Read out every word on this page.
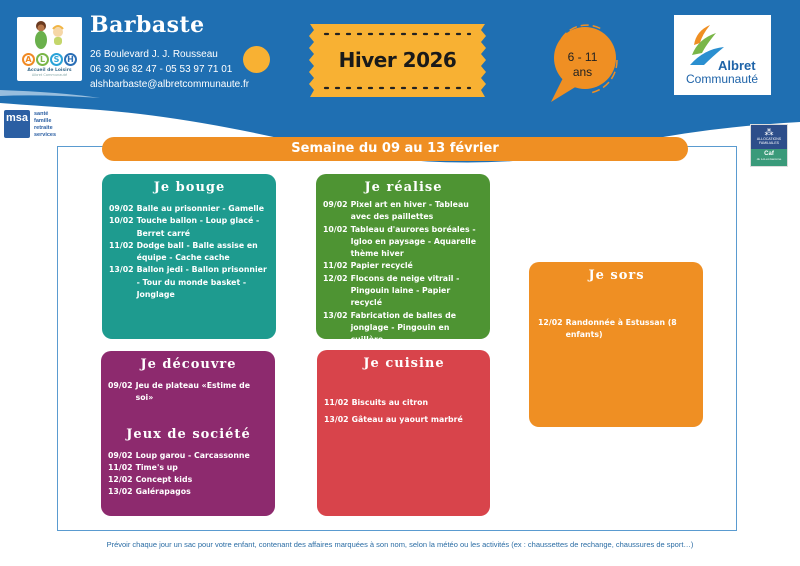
A	L	S H
Accueil de Loisirs
Albret Communauté
Barbaste
26 Boulevard J. J. Rousseau
06 30 96 82 47 - 05 53 97 71 01
alshbarbaste@albretcommunaute.fr
Hiver 2026	6 - 11
ans	Albret
Communauté
msa	santé
famille
retraite
services	⁂
ALLOCATIONS FAMILIALES
Caf
du Lot-et-Garonne
Semaine du 09 au 13 février
Je bouge
09/02 Balle au prisonnier - Gamelle
10/02 Touche ballon - Loup glacé - Berret carré
11/02 Dodge ball - Balle assise en équipe - Cache cache
13/02 Ballon jedi - Ballon prisonnier - Tour du monde basket - Jonglage
Je réalise
09/02 Pixel art en hiver - Tableau avec des paillettes
10/02 Tableau d'aurores boréales - Igloo en paysage - Aquarelle thème hiver
11/02 Papier recyclé
12/02 Flocons de neige vitrail - Pingouin laine - Papier recyclé
13/02 Fabrication de balles de jonglage - Pingouin en cuillère
Je découvre
09/02 Jeu de plateau «Estime de soi»
Jeux de société
09/02 Loup garou - Carcassonne
11/02 Time's up
12/02 Concept kids
13/02 Galérapagos
Je cuisine
11/02 Biscuits au citron
13/02 Gâteau au yaourt marbré
Je sors
12/02 Randonnée à Estussan (8 enfants)
Prévoir chaque jour un sac pour votre enfant, contenant des affaires marquées à son nom, selon la météo ou les activités (ex : chaussettes de rechange, chaussures de sport…)
